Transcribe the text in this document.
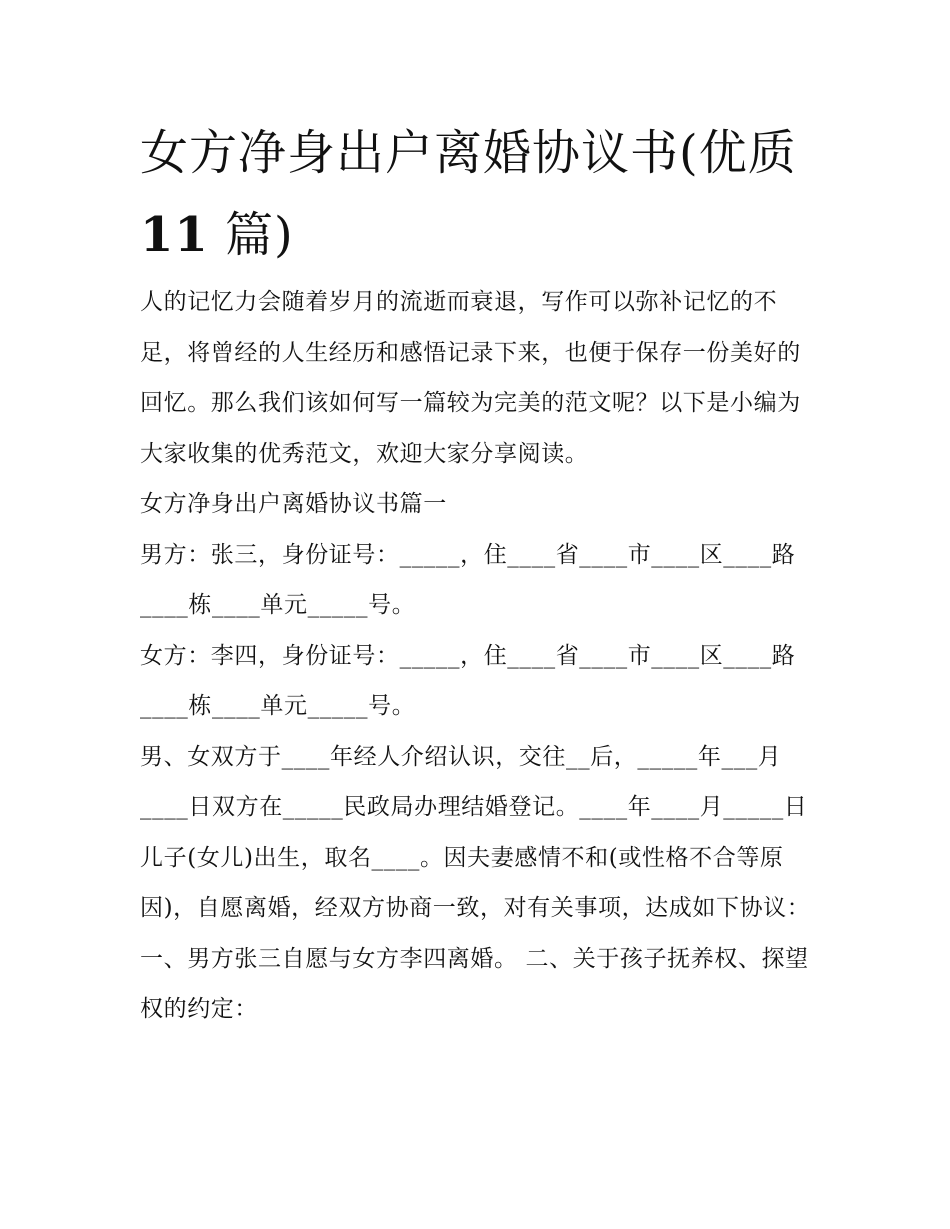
女方净身出户离婚协议书(优质
11 篇)

人的记忆力会随着岁月的流逝而衰退，写作可以弥补记忆的不足，将曾经的人生经历和感悟记录下来，也便于保存一份美好的回忆。那么我们该如何写一篇较为完美的范文呢？以下是小编为大家收集的优秀范文，欢迎大家分享阅读。

女方净身出户离婚协议书篇一

男方：张三，身份证号：_____，住____省____市____区____路____栋____单元_____号。

女方：李四，身份证号：_____，住____省____市____区____路____栋____单元_____号。

男、女双方于____年经人介绍认识，交往__后，_____年___月____日双方在_____民政局办理结婚登记。____年____月_____日儿子(女儿)出生，取名____。因夫妻感情不和(或性格不合等原因)，自愿离婚，经双方协商一致，对有关事项，达成如下协议：

一、男方张三自愿与女方李四离婚。 二、关于孩子抚养权、探望权的约定：
